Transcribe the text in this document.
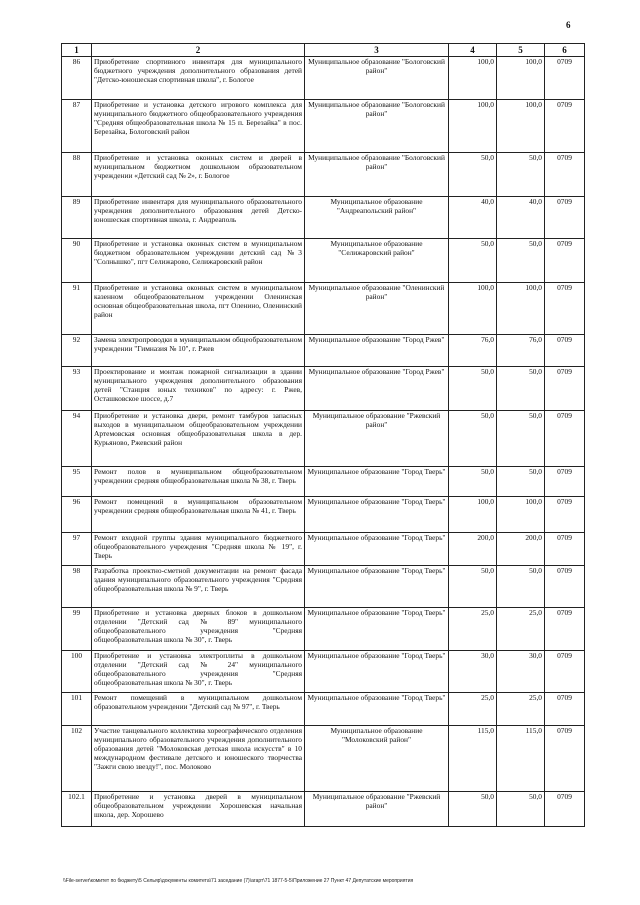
6
1	2	3	4	5	6
86	Приобретение спортивного инвентаря для муниципального бюджетного учреждения дополнительного образования детей "Детско-юношеская спортивная школа", г. Бологое	Муниципальное образование "Бологовский район"	100,0	100,0	0709
87	Приобретение и установка детского игрового комплекса для муниципального бюджетного общеобразовательного учреждения "Средняя общеобразовательная школа № 15 п. Березайка" в пос. Березайка, Бологовский район	Муниципальное образование "Бологовский район"	100,0	100,0	0709
88	Приобретение и установка оконных систем и дверей в муниципальном бюджетном дошкольном образовательном учреждении «Детский сад № 2», г. Бологое	Муниципальное образование "Бологовский район"	50,0	50,0	0709
89	Приобретение инвентаря для муниципального образовательного учреждения дополнительного образования детей Детско-юношеская спортивная школа, г. Андреаполь	Муниципальное образование "Андреапольский район"	40,0	40,0	0709
90	Приобретение и установка оконных систем в муниципальном бюджетном образовательном учреждении детский сад №3 "Солнышко", пгт Селижарово, Селижаровский район	Муниципальное образование "Селижаровский район"	50,0	50,0	0709
91	Приобретение и установка оконных систем в муниципальном казенном общеобразовательном учреждении Оленинская основная общеобразовательная школа, пгт Оленино, Оленинский район	Муниципальное образование "Оленинский район"	100,0	100,0	0709
92	Замена электропроводки в муниципальном общеобразовательном учреждении "Гимназия № 10", г. Ржев	Муниципальное образование "Город Ржев"	76,0	76,0	0709
93	Проектирование и монтаж пожарной сигнализации в здании муниципального учреждения дополнительного образования детей "Станция юных техников" по адресу: г. Ржев, Осташковское шоссе, д.7	Муниципальное образование "Город Ржев"	50,0	50,0	0709
94	Приобретение и установка двери, ремонт тамбуров запасных выходов в муниципальном общеобразовательном учреждении Артемовская основная общеобразовательная школа в дер. Курьяново, Ржевский район	Муниципальное образование "Ржевский район"	50,0	50,0	0709
95	Ремонт полов в муниципальном общеобразовательном учреждении средняя общеобразовательная школа № 38, г. Тверь	Муниципальное образование "Город Тверь"	50,0	50,0	0709
96	Ремонт помещений в муниципальном образовательном учреждении средняя общеобразовательная школа № 41, г. Тверь	Муниципальное образование "Город Тверь"	100,0	100,0	0709
97	Ремонт входной группы здания муниципального бюджетного общеобразовательного учреждения "Средняя школа № 19", г. Тверь	Муниципальное образование "Город Тверь"	200,0	200,0	0709
98	Разработка проектно-сметной документации на ремонт фасада здания муниципального образовательного учреждения "Средняя общеобразовательная школа № 9", г. Тверь	Муниципальное образование "Город Тверь"	50,0	50,0	0709
99	Приобретение и установка дверных блоков в дошкольном отделении "Детский сад № 89" муниципального общеобразовательного учреждения "Средняя общеобразовательная школа № 30", г. Тверь	Муниципальное образование "Город Тверь"	25,0	25,0	0709
100	Приобретение и установка электроплиты в дошкольном отделении "Детский сад № 24" муниципального общеобразовательного учреждения "Средняя общеобразовательная школа № 30", г. Тверь	Муниципальное образование "Город Тверь"	30,0	30,0	0709
101	Ремонт помещений в муниципальном дошкольном образовательном учреждении "Детский сад № 97", г. Тверь	Муниципальное образование "Город Тверь"	25,0	25,0	0709
102	Участие танцевального коллектива хореографического отделения муниципального образовательного учреждения дополнительного образования детей "Молоковская детская школа искусств" в 10 международном фестивале детского и юношеского творчества "Зажги свою звезду!", пос. Молоково	Муниципальное образование "Молоковский район"	115,0	115,0	0709
102.1	Приобретение и установка дверей в муниципальном общеобразовательном учреждении Хорошевская начальная школа, дер. Хорошево	Муниципальное образование "Ржевский район"	50,0	50,0	0709
\\File-server\комитет по бюджету\5 Сельяр\документы комитета\71 заседание (7)\агарт\71 1877-5-5\Приложение 27 Пункт 47 Депутатские мероприятия
